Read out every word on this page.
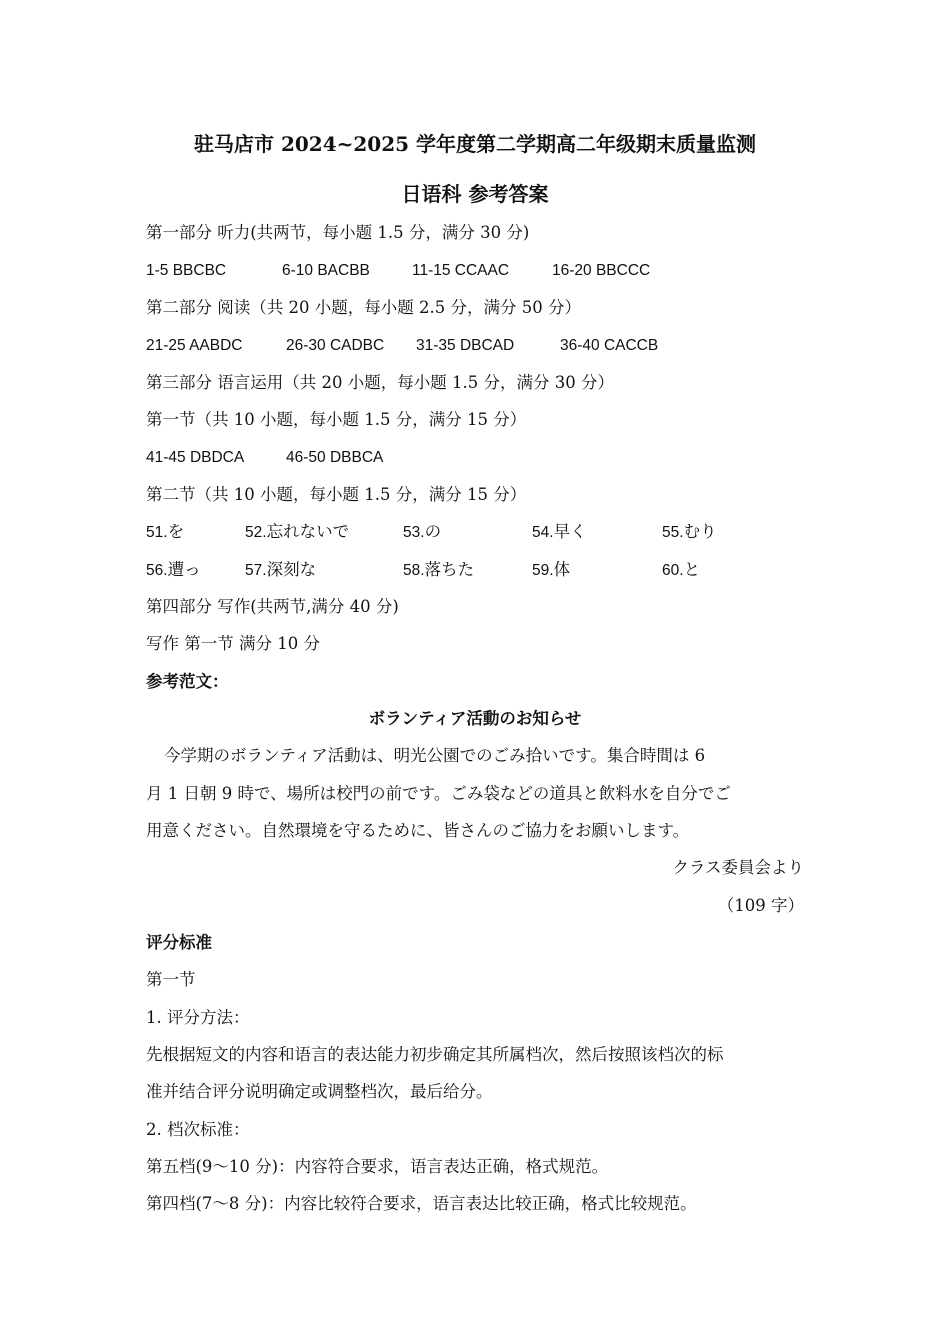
驻马店市 2024~2025 学年度第二学期高二年级期末质量监测
日语科 参考答案
第一部分 听力(共两节，每小题 1.5 分，满分 30 分)
1-5 BBCBC	6-10 BACBB	11-15 CCAAC	16-20 BBCCC
第二部分 阅读（共 20 小题，每小题 2.5 分，满分 50 分）
21-25 AABDC	26-30 CADBC 31-35 DBCAD	36-40 CACCB
第三部分 语言运用（共 20 小题，每小题 1.5 分，满分 30 分）
第一节（共 10 小题，每小题 1.5 分，满分 15 分）
41-45 DBDCA	46-50 DBBCA
第二节（共 10 小题，每小题 1.5 分，满分 15 分）
51.を	52.忘れないで	53.の	54.早く	55.むり
56.遭っ	57.深刻な	58.落ちた	59.体	60.と
第四部分 写作(共两节,满分 40 分)
写作 第一节 满分 10 分
参考范文：
ボランティア活動のお知らせ
今学期のボランティア活動は、明光公園でのごみ拾いです。集合時間は 6
月 1 日朝 9 時で、場所は校門の前です。ごみ袋などの道具と飲料水を自分でご
用意ください。自然環境を守るために、皆さんのご協力をお願いします。
クラス委員会より
（109 字）
评分标准
第一节
1. 评分方法：
先根据短文的内容和语言的表达能力初步确定其所属档次，然后按照该档次的标
准并结合评分说明确定或调整档次，最后给分。
2. 档次标准：
第五档(9～10 分)：内容符合要求，语言表达正确，格式规范。
第四档(7～8 分)：内容比较符合要求，语言表达比较正确，格式比较规范。
